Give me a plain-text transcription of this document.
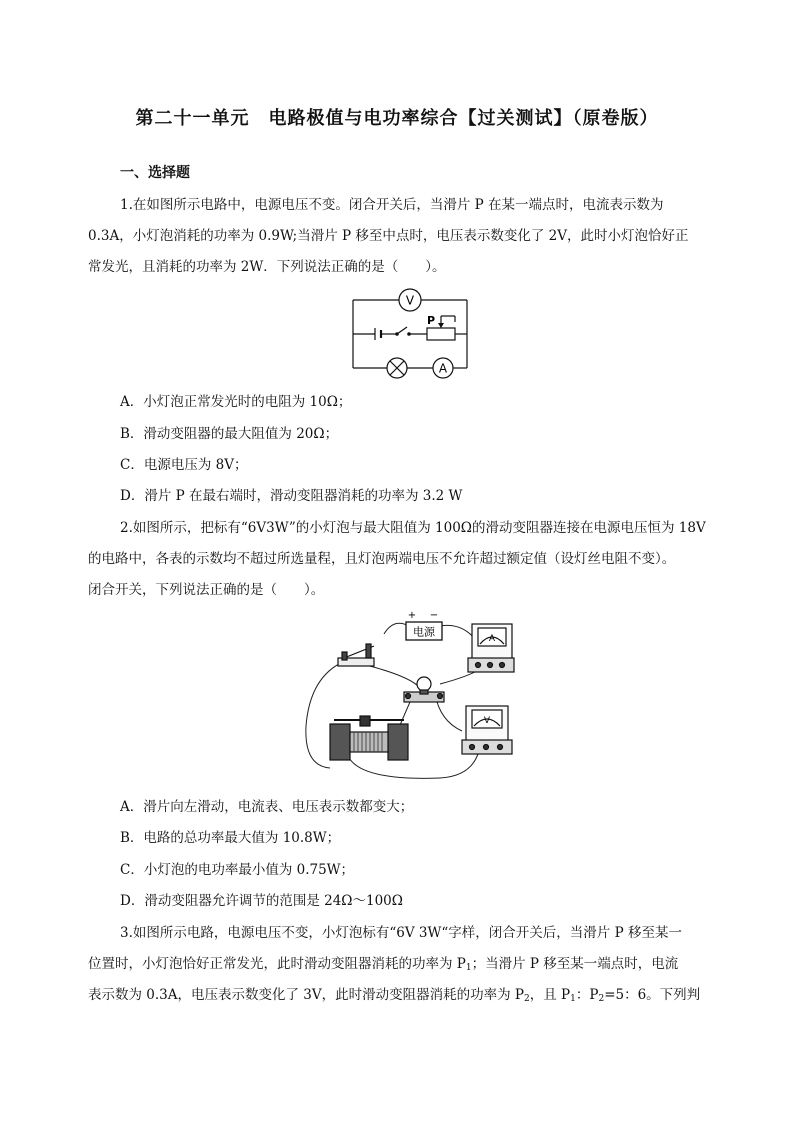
第二十一单元　电路极值与电功率综合【过关测试】（原卷版）
一、选择题
1.在如图所示电路中，电源电压不变。闭合开关后，当滑片 P 在某一端点时，电流表示数为
0.3A，小灯泡消耗的功率为 0.9W;当滑片 P 移至中点时，电压表示数变化了 2V，此时小灯泡恰好正
常发光，且消耗的功率为 2W．下列说法正确的是（　　）。
V
A
P
A．小灯泡正常发光时的电阻为 10Ω；
B．滑动变阻器的最大阻值为 20Ω；
C．电源电压为 8V；
D．滑片 P 在最右端时，滑动变阻器消耗的功率为 3.2 W
2.如图所示，把标有“6V3W”的小灯泡与最大阻值为 100Ω的滑动变阻器连接在电源电压恒为 18V
的电路中，各表的示数均不超过所选量程，且灯泡两端电压不允许超过额定值（设灯丝电阻不变）。
闭合开关，下列说法正确的是（　　）。
电源
+ −
A
V
A．滑片向左滑动，电流表、电压表示数都变大；
B．电路的总功率最大值为 10.8W；
C．小灯泡的电功率最小值为 0.75W；
D．滑动变阻器允许调节的范围是 24Ω～100Ω
3.如图所示电路，电源电压不变，小灯泡标有“6V 3W“字样，闭合开关后，当滑片 P 移至某一
位置时，小灯泡恰好正常发光，此时滑动变阻器消耗的功率为 $P_1$；当滑片 P 移至某一端点时，电流
表示数为 0.3A，电压表示数变化了 3V，此时滑动变阻器消耗的功率为 $P_2$，且 $P_1$：$P_2=5$：6。下列判
